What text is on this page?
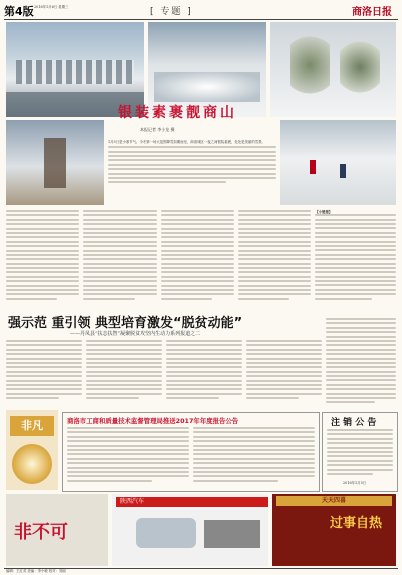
第4版 2016年1月6日 星期三	[ 专题 ]	商洛日报
银装素裹靓商山
本报记者 李小龙 摄
1月5日是小寒节气。今冬第一场大范围降雪如期而至，商洛城区一夜之间银装素裹，处处是美丽的雪景。
【小链接】
强示范 重引领 典型培育激发“脱贫动能”
——丹凤县“扶志扶智”凝聚脱贫攻坚内生动力系列报道之二
非凡	商洛市工商和质量技术监督管理局推送2017年年度报告公告	注 销 公 告
2016年1月5日
非不可
陕西汽车	天天四喜
过事自热
编辑：王红英 美编：李小敏 校对：刘丽
